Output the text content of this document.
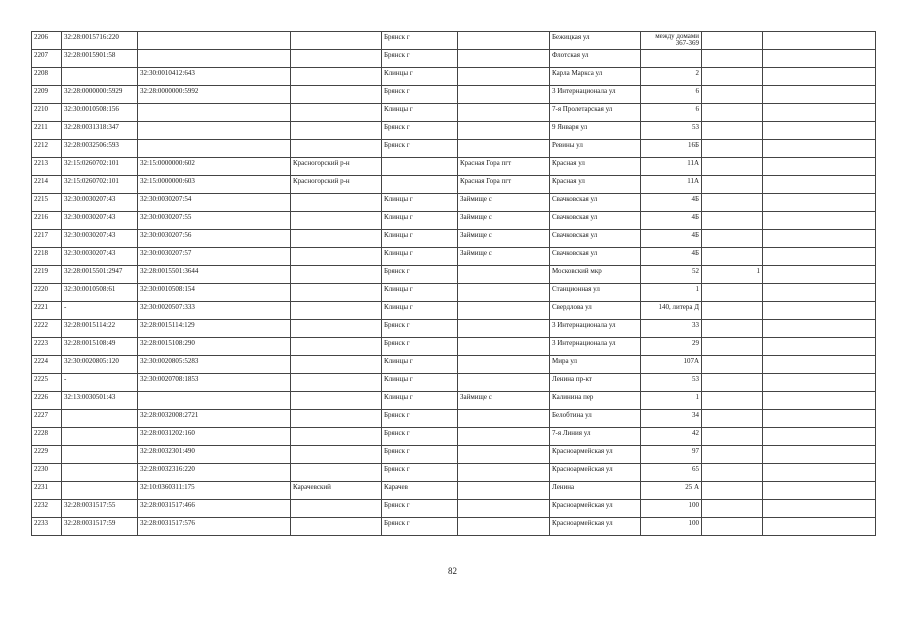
2206	32:28:0015716:220			Брянск г		Бежицкая ул	между домами 367-369		
2207	32:28:0015901:58			Брянск г		Флотская ул			
2208		32:30:0010412:643		Клинцы г		Карла Маркса ул	2		
2209	32:28:0000000:5929	32:28:0000000:5992		Брянск г		3 Интернационала ул	6		
2210	32:30:0010508:156			Клинцы г		7-я Пролетарская ул	6		
2211	32:28:0031318:347			Брянск г		9 Января ул	53		
2212	32:28:0032506:593			Брянск г		Ревины ул	16Б		
2213	32:15:0260702:101	32:15:0000000:602	Красногорский р-н		Красная Гора пгт	Красная ул	11А		
2214	32:15:0260702:101	32:15:0000000:603	Красногорский р-н		Красная Гора пгт	Красная ул	11А		
2215	32:30:0030207:43	32:30:0030207:54		Клинцы г	Займище с	Свачковская ул	4Б		
2216	32:30:0030207:43	32:30:0030207:55		Клинцы г	Займище с	Свачковская ул	4Б		
2217	32:30:0030207:43	32:30:0030207:56		Клинцы г	Займище с	Свачковская ул	4Б		
2218	32:30:0030207:43	32:30:0030207:57		Клинцы г	Займище с	Свачковская ул	4Б		
2219	32:28:0015501:2947	32:28:0015501:3644		Брянск г		Московский мкр	52	1	
2220	32:30:0010508:61	32:30:0010508:154		Клинцы г		Станционная ул	1		
2221	-	32:30:0020507:333		Клинцы г		Свердлова ул	140, литера Д		
2222	32:28:0015114:22	32:28:0015114:129		Брянск г		3 Интернационала ул	33		
2223	32:28:0015108:49	32:28:0015108:290		Брянск г		3 Интернационала ул	29		
2224	32:30:0020805:120	32:30:0020805:5283		Клинцы г		Мира ул	107А		
2225	-	32:30:0020708:1853		Клинцы г		Ленина пр-кт	53		
2226	32:13:0030501:43			Клинцы г	Займище с	Калинина пер	1		
2227		32:28:0032008:2721		Брянск г		Белобтина ул	34		
2228		32:28:0031202:160		Брянск г		7-я Линия ул	42		
2229		32:28:0032301:490		Брянск г		Красноармейская ул	97		
2230		32:28:0032316:220		Брянск г		Красноармейская ул	65		
2231		32:10:0360311:175	Карачевский	Карачев		Ленина	25 А		
2232	32:28:0031517:55	32:28:0031517:466		Брянск г		Красноармейская ул	100		
2233	32:28:0031517:59	32:28:0031517:576		Брянск г		Красноармейская ул	100		
82
